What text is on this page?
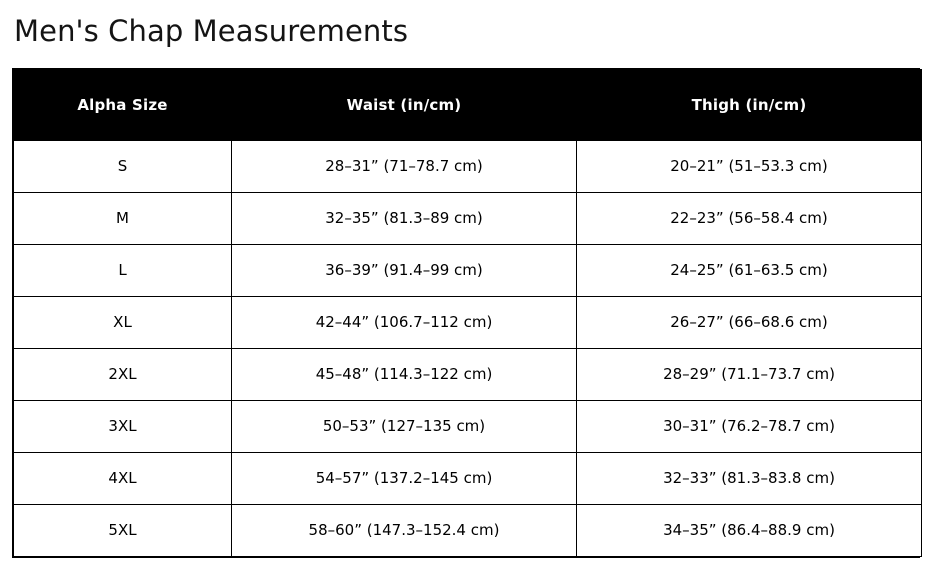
Men's Chap Measurements
Alpha Size	Waist (in/cm)	Thigh (in/cm)
S	28–31” (71–78.7 cm)	20–21” (51–53.3 cm)
M	32–35” (81.3–89 cm)	22–23” (56–58.4 cm)
L	36–39” (91.4–99 cm)	24–25” (61–63.5 cm)
XL	42–44” (106.7–112 cm)	26–27” (66–68.6 cm)
2XL	45–48” (114.3–122 cm)	28–29” (71.1–73.7 cm)
3XL	50–53” (127–135 cm)	30–31” (76.2–78.7 cm)
4XL	54–57” (137.2–145 cm)	32–33” (81.3–83.8 cm)
5XL	58–60” (147.3–152.4 cm)	34–35” (86.4–88.9 cm)
